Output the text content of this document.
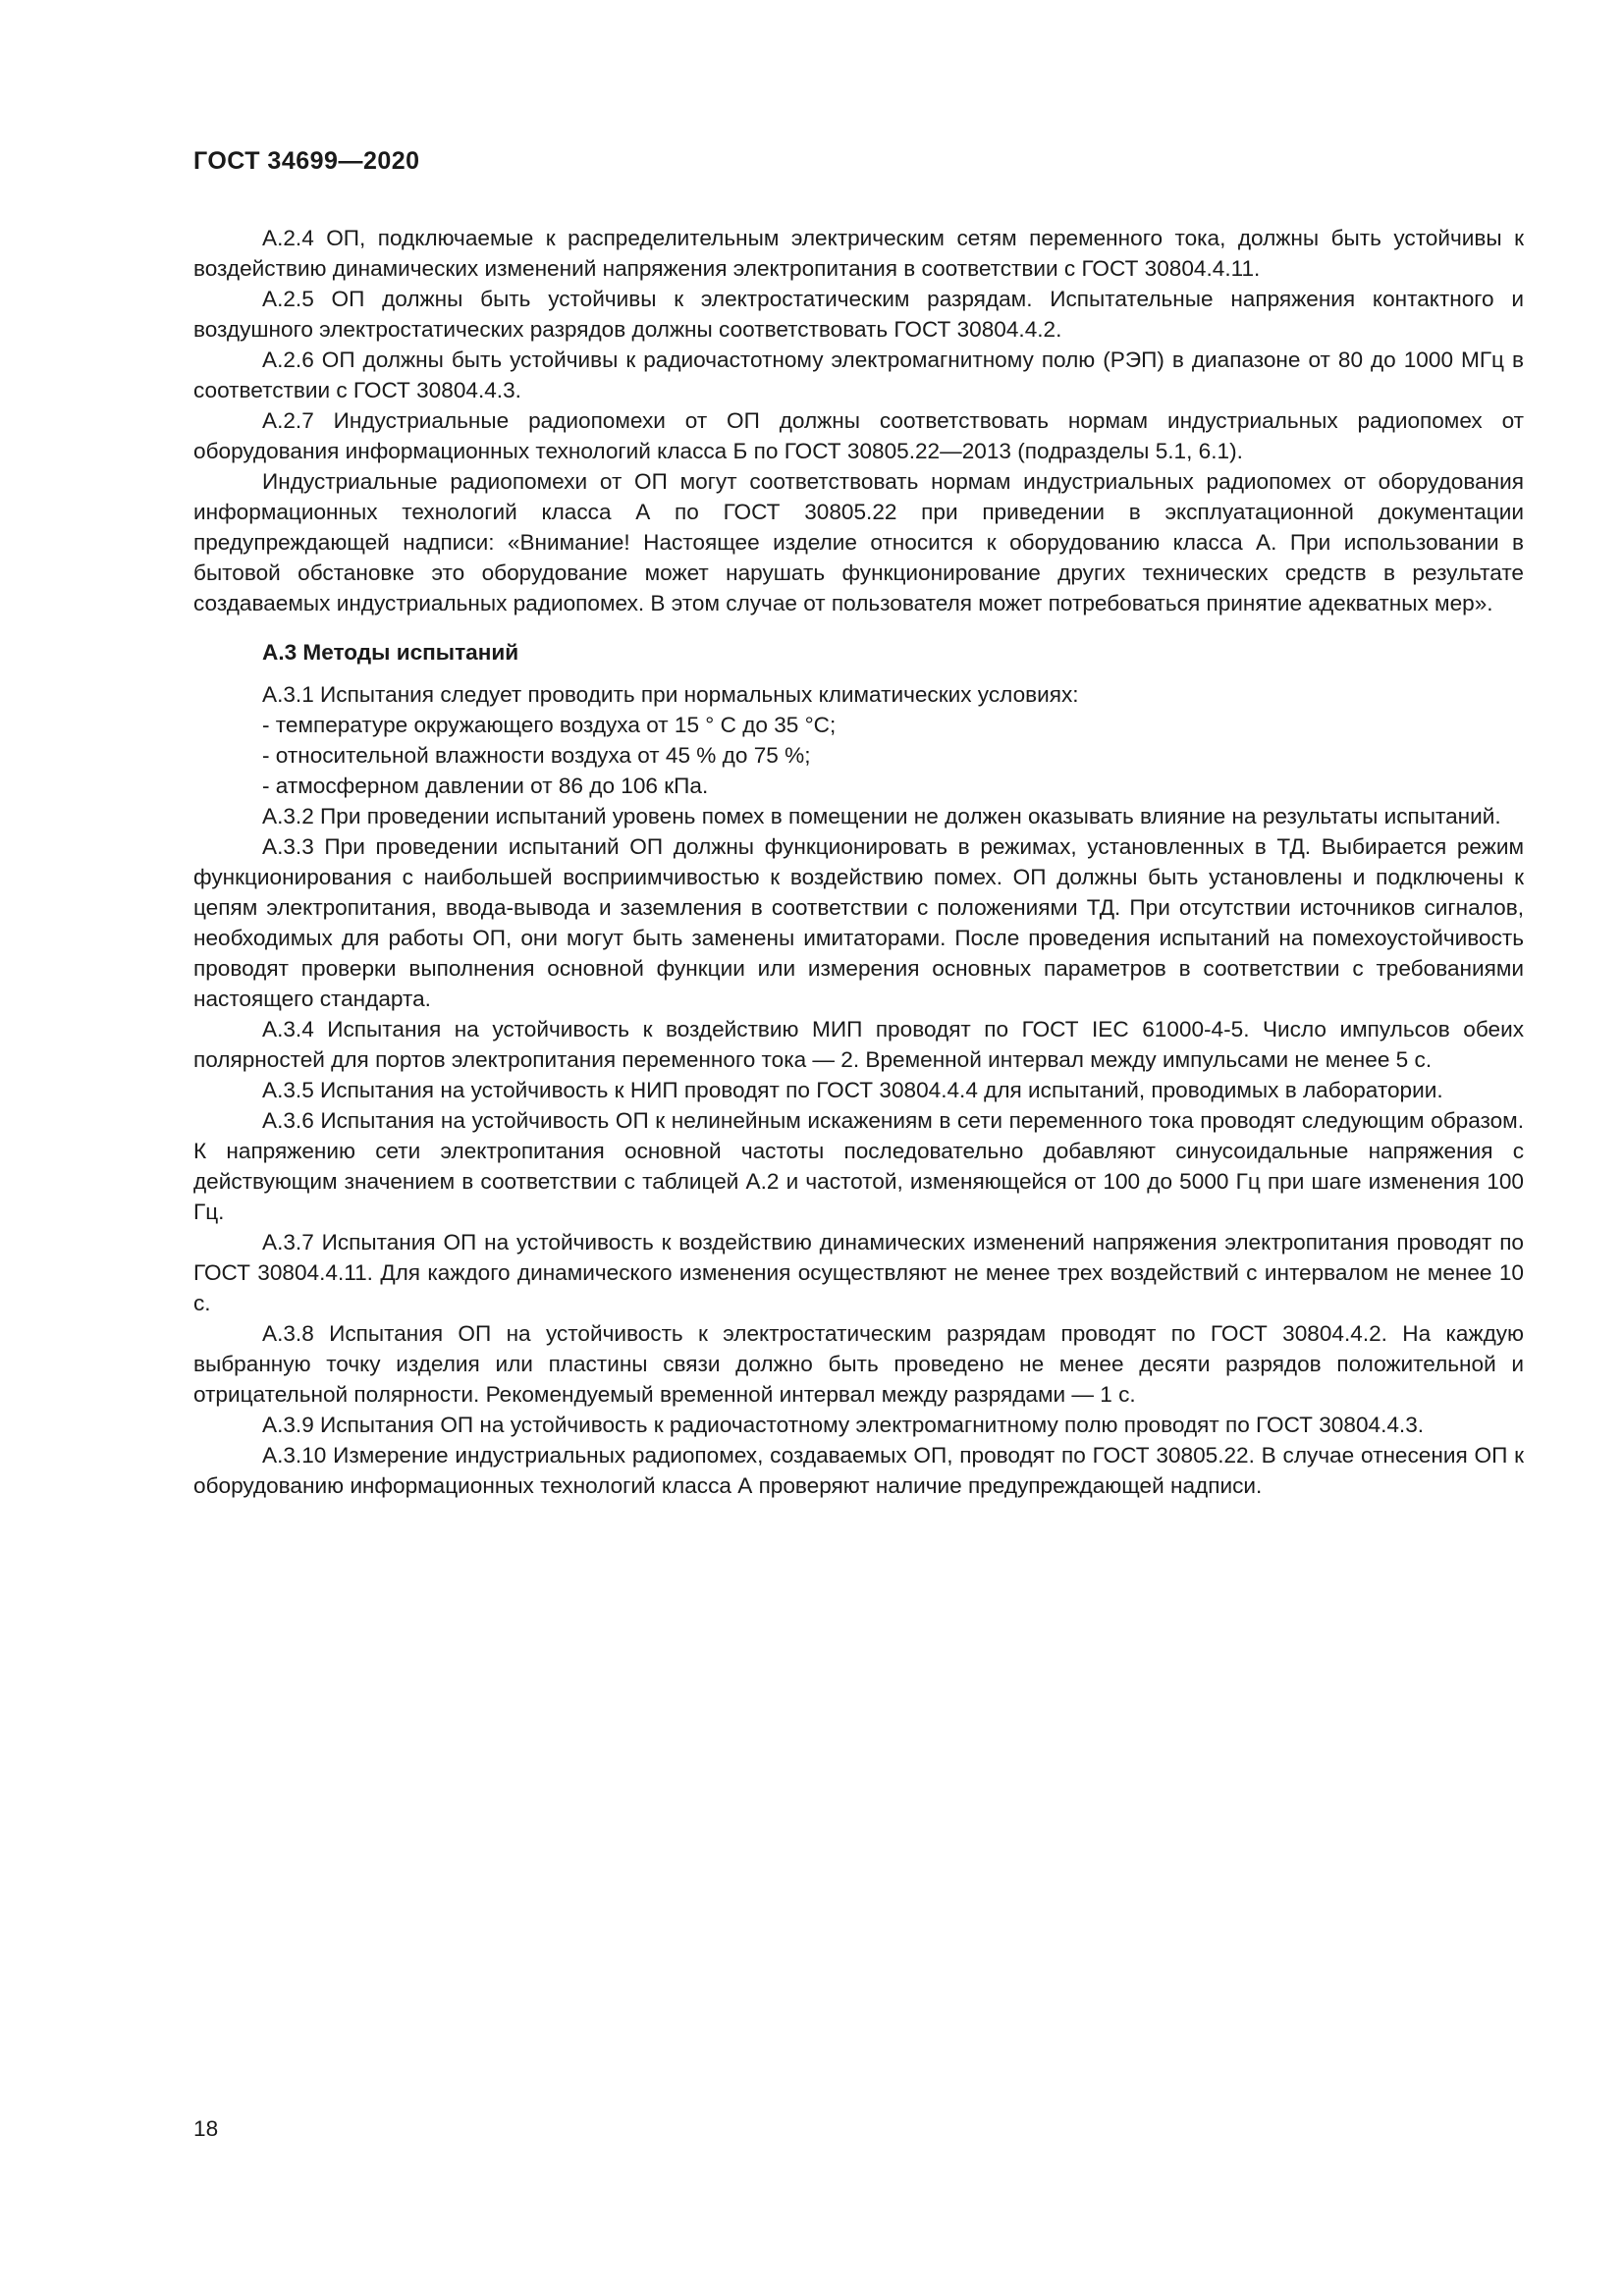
ГОСТ 34699—2020

А.2.4 ОП, подключаемые к распределительным электрическим сетям переменного тока, должны быть устойчивы к воздействию динамических изменений напряжения электропитания в соответствии с ГОСТ 30804.4.11.

А.2.5 ОП должны быть устойчивы к электростатическим разрядам. Испытательные напряжения контактного и воздушного электростатических разрядов должны соответствовать ГОСТ 30804.4.2.

А.2.6 ОП должны быть устойчивы к радиочастотному электромагнитному полю (РЭП) в диапазоне от 80 до 1000 МГц в соответствии с ГОСТ 30804.4.3.

А.2.7 Индустриальные радиопомехи от ОП должны соответствовать нормам индустриальных радиопомех от оборудования информационных технологий класса Б по ГОСТ 30805.22—2013 (подразделы 5.1, 6.1).

Индустриальные радиопомехи от ОП могут соответствовать нормам индустриальных радиопомех от оборудования информационных технологий класса А по ГОСТ 30805.22 при приведении в эксплуатационной документации предупреждающей надписи: «Внимание! Настоящее изделие относится к оборудованию класса А. При использовании в бытовой обстановке это оборудование может нарушать функционирование других технических средств в результате создаваемых индустриальных радиопомех. В этом случае от пользователя может потребоваться принятие адекватных мер».

А.3 Методы испытаний

А.3.1 Испытания следует проводить при нормальных климатических условиях:

- температуре окружающего воздуха от 15 ° С до 35 °С;

- относительной влажности воздуха от 45 % до 75 %;

- атмосферном давлении от 86 до 106 кПа.

А.3.2 При проведении испытаний уровень помех в помещении не должен оказывать влияние на результаты испытаний.

А.3.3 При проведении испытаний ОП должны функционировать в режимах, установленных в ТД. Выбирается режим функционирования с наибольшей восприимчивостью к воздействию помех. ОП должны быть установлены и подключены к цепям электропитания, ввода-вывода и заземления в соответствии с положениями ТД. При отсутствии источников сигналов, необходимых для работы ОП, они могут быть заменены имитаторами. После проведения испытаний на помехоустойчивость проводят проверки выполнения основной функции или измерения основных параметров в соответствии с требованиями настоящего стандарта.

А.3.4 Испытания на устойчивость к воздействию МИП проводят по ГОСТ IEC 61000-4-5. Число импульсов обеих полярностей для портов электропитания переменного тока — 2. Временной интервал между импульсами не менее 5 с.

А.3.5 Испытания на устойчивость к НИП проводят по ГОСТ 30804.4.4 для испытаний, проводимых в лаборатории.

А.3.6 Испытания на устойчивость ОП к нелинейным искажениям в сети переменного тока проводят следующим образом. К напряжению сети электропитания основной частоты последовательно добавляют синусоидальные напряжения с действующим значением в соответствии с таблицей А.2 и частотой, изменяющейся от 100 до 5000 Гц при шаге изменения 100 Гц.

А.3.7 Испытания ОП на устойчивость к воздействию динамических изменений напряжения электропитания проводят по ГОСТ 30804.4.11. Для каждого динамического изменения осуществляют не менее трех воздействий с интервалом не менее 10 с.

А.3.8 Испытания ОП на устойчивость к электростатическим разрядам проводят по ГОСТ 30804.4.2. На каждую выбранную точку изделия или пластины связи должно быть проведено не менее десяти разрядов положительной и отрицательной полярности. Рекомендуемый временной интервал между разрядами — 1 с.

А.3.9 Испытания ОП на устойчивость к радиочастотному электромагнитному полю проводят по ГОСТ 30804.4.3.

А.3.10 Измерение индустриальных радиопомех, создаваемых ОП, проводят по ГОСТ 30805.22. В случае отнесения ОП к оборудованию информационных технологий класса А проверяют наличие предупреждающей надписи.

18
